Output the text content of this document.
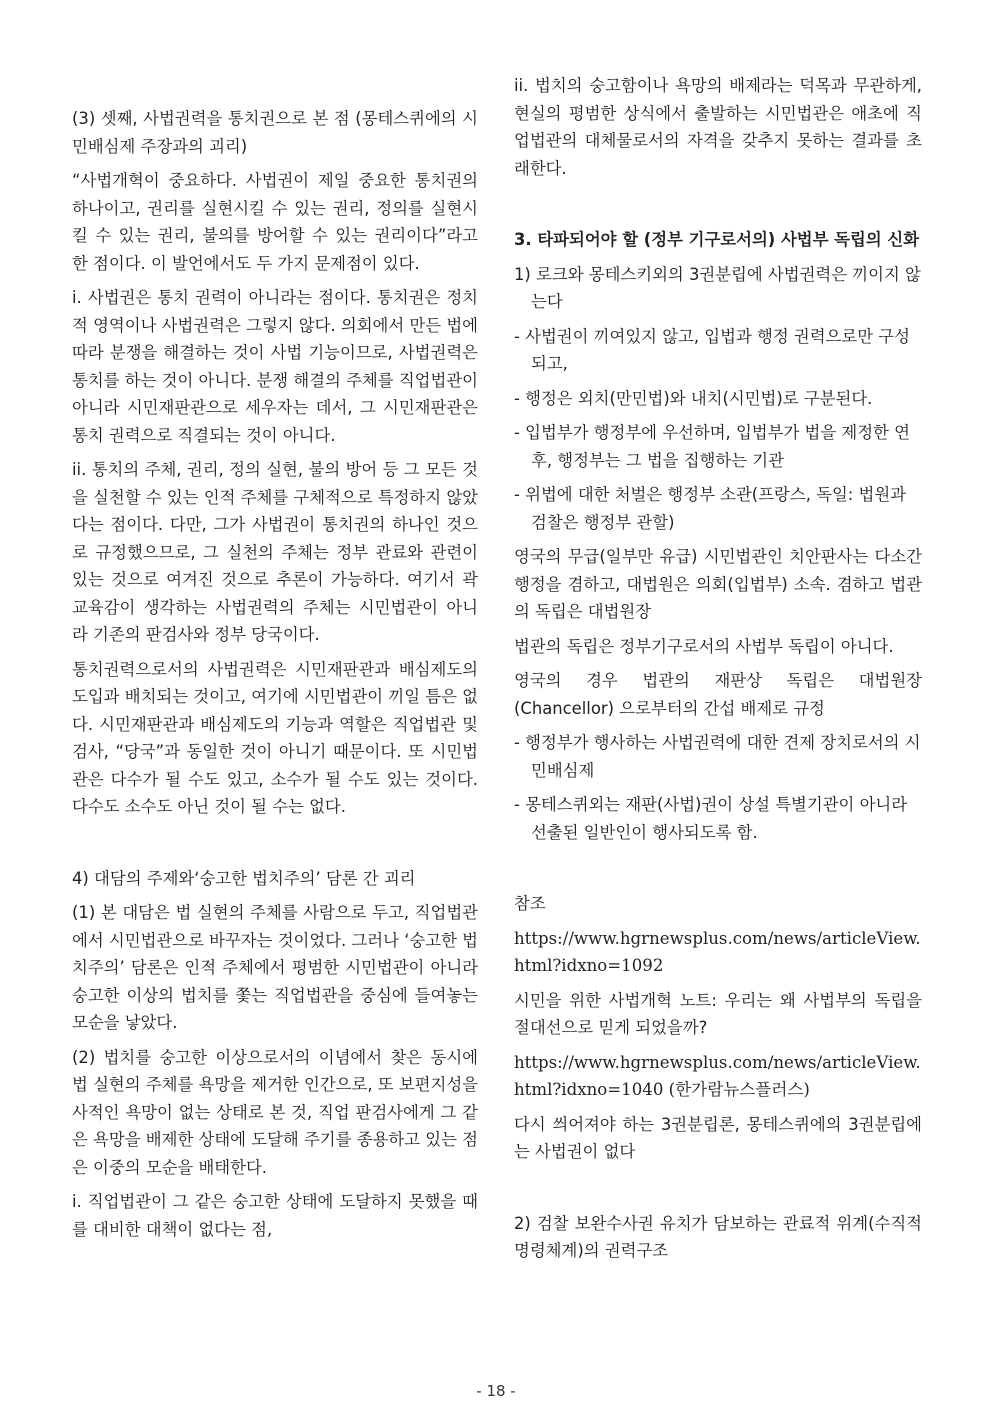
(3) 셋째, 사법권력을 통치권으로 본 점 (몽테스퀴에의 시민배심제 주장과의 괴리)

“사법개혁이 중요하다. 사법권이 제일 중요한 통치권의 하나이고, 권리를 실현시킬 수 있는 권리, 정의를 실현시킬 수 있는 권리, 불의를 방어할 수 있는 권리이다”라고 한 점이다. 이 발언에서도 두 가지 문제점이 있다.

i. 사법권은 통치 권력이 아니라는 점이다. 통치권은 정치적 영역이나 사법권력은 그렇지 않다. 의회에서 만든 법에 따라 분쟁을 해결하는 것이 사법 기능이므로, 사법권력은 통치를 하는 것이 아니다. 분쟁 해결의 주체를 직업법관이 아니라 시민재판관으로 세우자는 데서, 그 시민재판관은 통치 권력으로 직결되는 것이 아니다.

ii. 통치의 주체, 권리, 정의 실현, 불의 방어 등 그 모든 것을 실천할 수 있는 인적 주체를 구체적으로 특정하지 않았다는 점이다. 다만, 그가 사법권이 통치권의 하나인 것으로 규정했으므로, 그 실천의 주체는 정부 관료와 관련이 있는 것으로 여겨진 것으로 추론이 가능하다. 여기서 곽 교육감이 생각하는 사법권력의 주체는 시민법관이 아니라 기존의 판검사와 정부 당국이다.

통치권력으로서의 사법권력은 시민재판관과 배심제도의 도입과 배치되는 것이고, 여기에 시민법관이 끼일 틈은 없다. 시민재판관과 배심제도의 기능과 역할은 직업법관 및 검사, “당국”과 동일한 것이 아니기 때문이다. 또 시민법관은 다수가 될 수도 있고, 소수가 될 수도 있는 것이다. 다수도 소수도 아닌 것이 될 수는 없다.

4) 대담의 주제와‘숭고한 법치주의’ 담론 간 괴리

(1) 본 대담은 법 실현의 주체를 사람으로 두고, 직업법관에서 시민법관으로 바꾸자는 것이었다. 그러나 ‘숭고한 법치주의’ 담론은 인적 주체에서 평범한 시민법관이 아니라 숭고한 이상의 법치를 쫓는 직업법관을 중심에 들여놓는 모순을 낳았다.

(2) 법치를 숭고한 이상으로서의 이념에서 찾은 동시에 법 실현의 주체를 욕망을 제거한 인간으로, 또 보편지성을 사적인 욕망이 없는 상태로 본 것, 직업 판검사에게 그 같은 욕망을 배제한 상태에 도달해 주기를 종용하고 있는 점은 이중의 모순을 배태한다.

i. 직업법관이 그 같은 숭고한 상태에 도달하지 못했을 때를 대비한 대책이 없다는 점,

ii. 법치의 숭고함이나 욕망의 배제라는 덕목과 무관하게, 현실의 평범한 상식에서 출발하는 시민법관은 애초에 직업법관의 대체물로서의 자격을 갖추지 못하는 결과를 초래한다.

3. 타파되어야 할 (정부 기구로서의) 사법부 독립의 신화

1) 로크와 몽테스키외의 3권분립에 사법권력은 끼이지 않는다

- 사법권이 끼여있지 않고, 입법과 행정 권력으로만 구성되고,

- 행정은 외치(만민법)와 내치(시민법)로 구분된다.

- 입법부가 행정부에 우선하며, 입법부가 법을 제정한 연후, 행정부는 그 법을 집행하는 기관

- 위법에 대한 처벌은 행정부 소관(프랑스, 독일: 법원과 검찰은 행정부 관할)

영국의 무급(일부만 유급) 시민법관인 치안판사는 다소간 행정을 겸하고, 대법원은 의회(입법부) 소속. 겸하고 법관의 독립은 대법원장

법관의 독립은 정부기구로서의 사법부 독립이 아니다.

영국의 경우 법관의 재판상 독립은 대법원장(Chancellor) 으로부터의 간섭 배제로 규정

- 행정부가 행사하는 사법권력에 대한 견제 장치로서의 시민배심제

- 몽테스퀴외는 재판(사법)권이 상설 특별기관이 아니라 선출된 일반인이 행사되도록 함.

참조

https://www.hgrnewsplus.com/news/articleView.html?idxno=1092

시민을 위한 사법개혁 노트: 우리는 왜 사법부의 독립을 절대선으로 믿게 되었을까?

https://www.hgrnewsplus.com/news/articleView.html?idxno=1040 (한가람뉴스플러스)

다시 씌어져야 하는 3권분립론, 몽테스퀴에의 3권분립에는 사법권이 없다

2) 검찰 보완수사권 유치가 담보하는 관료적 위계(수직적 명령체계)의 권력구조

- 18 -
